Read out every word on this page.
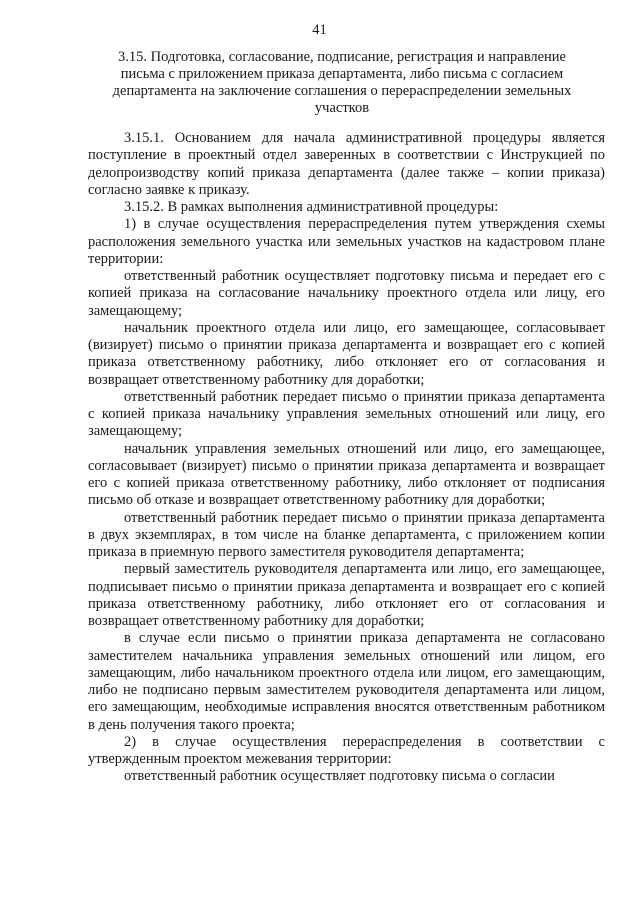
41
3.15. Подготовка, согласование, подписание, регистрация и направление
письма с приложением приказа департамента, либо письма с согласием
департамента на заключение соглашения о перераспределении земельных
участков

3.15.1. Основанием для начала административной процедуры является поступление в проектный отдел заверенных в соответствии с Инструкцией по делопроизводству копий приказа департамента (далее также – копии приказа) согласно заявке к приказу.

3.15.2. В рамках выполнения административной процедуры:

1) в случае осуществления перераспределения путем утверждения схемы расположения земельного участка или земельных участков на кадастровом плане территории:

ответственный работник осуществляет подготовку письма и передает его с копией приказа на согласование начальнику проектного отдела или лицу, его замещающему;

начальник проектного отдела или лицо, его замещающее, согласовывает (визирует) письмо о принятии приказа департамента и возвращает его с копией приказа ответственному работнику, либо отклоняет его от согласования и возвращает ответственному работнику для доработки;

ответственный работник передает письмо о принятии приказа департамента с копией приказа начальнику управления земельных отношений или лицу, его замещающему;

начальник управления земельных отношений или лицо, его замещающее, согласовывает (визирует) письмо о принятии приказа департамента и возвращает его с копией приказа ответственному работнику, либо отклоняет от подписания письмо об отказе и возвращает ответственному работнику для доработки;

ответственный работник передает письмо о принятии приказа департамента в двух экземплярах, в том числе на бланке департамента, с приложением копии приказа в приемную первого заместителя руководителя департамента;

первый заместитель руководителя департамента или лицо, его замещающее, подписывает письмо о принятии приказа департамента и возвращает его с копией приказа ответственному работнику, либо отклоняет его от согласования и возвращает ответственному работнику для доработки;

в случае если письмо о принятии приказа департамента не согласовано заместителем начальника управления земельных отношений или лицом, его замещающим, либо начальником проектного отдела или лицом, его замещающим, либо не подписано первым заместителем руководителя департамента или лицом, его замещающим, необходимые исправления вносятся ответственным работником в день получения такого проекта;

2) в случае осуществления перераспределения в соответствии с утвержденным проектом межевания территории:

ответственный работник осуществляет подготовку письма о согласии
